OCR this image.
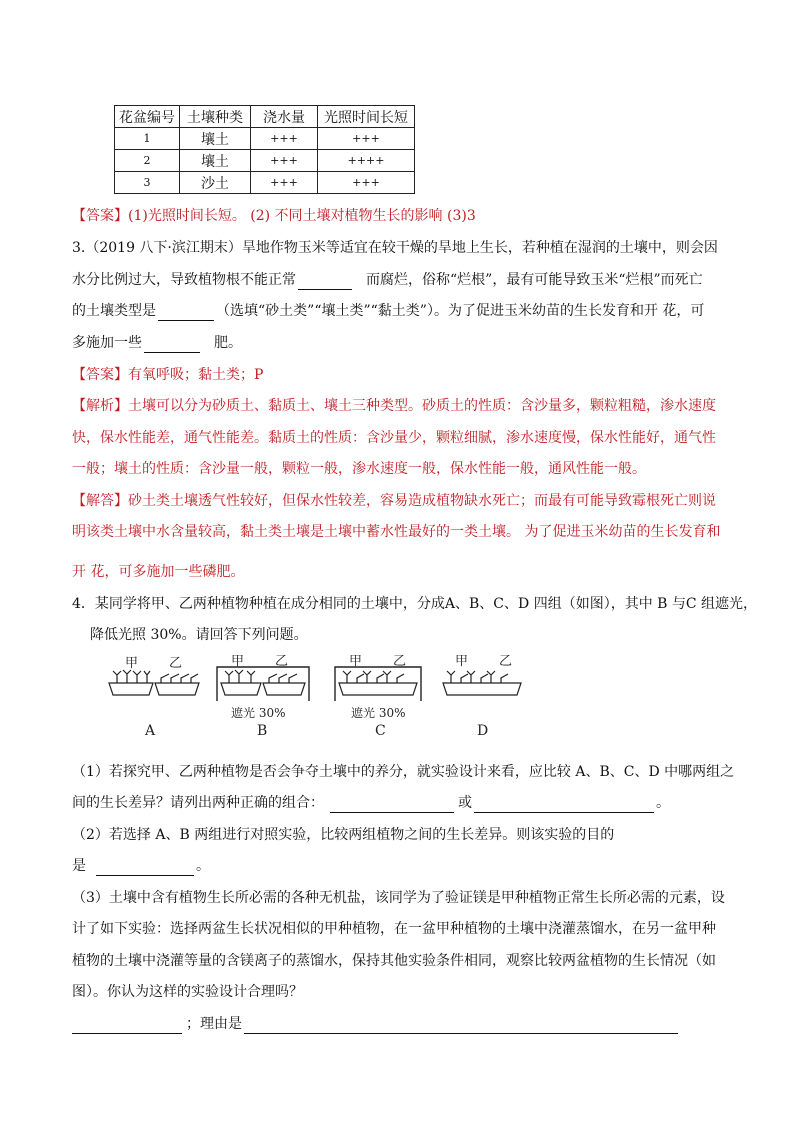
花盆编号	土壤种类	浇水量	光照时间长短
1	壤土	+++	+++
2	壤土	+++	++++
3	沙土	+++	+++
【答案】(1)光照时间长短。 (2) 不同土壤对植物生长的影响 (3)3
3.（2019 八下·滨江期末）旱地作物玉米等适宜在较干燥的旱地上生长，若种植在湿润的土壤中，则会因
水分比例过大，导致植物根不能正常	而腐烂，俗称“烂根”，最有可能导致玉米“烂根”而死亡
的土壤类型是	（选填“砂土类”“壤土类”“黏土类”）。为了促进玉米幼苗的生长发育和开 花，可
多施加一些	肥。
【答案】有氧呼吸；黏土类；P
【解析】土壤可以分为砂质土、黏质土、壤土三种类型。砂质土的性质：含沙量多，颗粒粗糙，渗水速度
快，保水性能差，通气性能差。黏质土的性质：含沙量少，颗粒细腻，渗水速度慢，保水性能好，通气性
一般；壤土的性质：含沙量一般，颗粒一般，渗水速度一般，保水性能一般，通风性能一般。
【解答】砂土类土壤透气性较好，但保水性较差，容易造成植物缺水死亡；而最有可能导致霉根死亡则说
明该类土壤中水含量较高，黏土类土壤是土壤中蓄水性最好的一类土壤。 为了促进玉米幼苗的生长发育和
开 花，可多施加一些磷肥。
4．某同学将甲、乙两种植物种植在成分相同的土壤中，分成A、B、C、D 四组（如图），其中 B 与C 组遮光，
降低光照 30%。请回答下列问题。
甲 乙
A
甲 乙
遮光 30%
B
甲 乙
遮光 30%
C
甲 乙
D
（1）若探究甲、乙两种植物是否会争夺土壤中的养分，就实验设计来看，应比较 A、B、C、D 中哪两组之
间的生长差异？请列出两种正确的组合：	或	。
（2）若选择 A、B 两组进行对照实验，比较两组植物之间的生长差异。则该实验的目的
是	。
（3）土壤中含有植物生长所必需的各种无机盐，该同学为了验证镁是甲种植物正常生长所必需的元素，设
计了如下实验：选择两盆生长状况相似的甲种植物，在一盆甲种植物的土壤中浇灌蒸馏水，在另一盆甲种
植物的土壤中浇灌等量的含镁离子的蒸馏水，保持其他实验条件相同，观察比较两盆植物的生长情况（如
图）。你认为这样的实验设计合理吗？
；理由是
